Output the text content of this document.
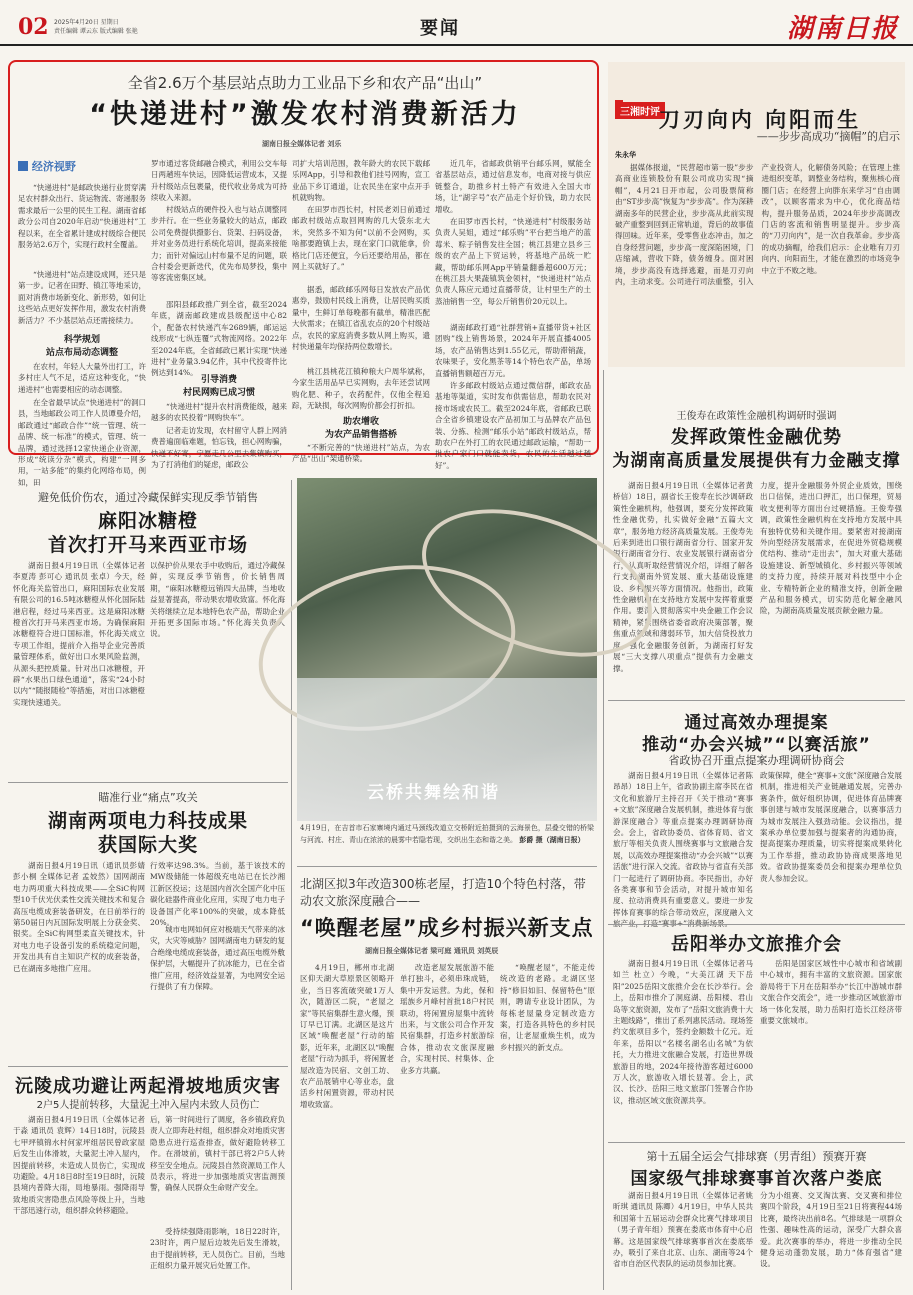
02 2025年4月20日 星期日
责任编辑 谭云东 版式编辑 张艳	要闻	湖南日报
全省2.6万个基层站点助力工业品下乡和农产品“出山”
“快递进村”激发农村消费新活力
湖南日报全媒体记者 刘乐
经济视野
“快递进村”是邮政快递行业贯穿满足农村群众出行、货运物流、寄递服务需求最后一公里的民生工程。湖南省邮政分公司自2020年启动“快递进村”工程以来，在全省累计建成村级综合便民服务站2.6万个，实现行政村全覆盖。
“快递进村”站点建设成网，还只是第一步。记者在田野、镇江等地采访，面对消费市场新变化、新形势，如何让这些站点更好发挥作用，激发农村消费新活力？不少基层站点还需接续力。
科学规划
站点布局动态调整
在农村，年轻人大量外出打工，许多村庄人气不足，适应这种变化，“快递进村”也需要相应的动态调整。
在全省最早试点“快递进村”的洞口县，当地邮政公司工作人员谭曼介绍，邮政通过“邮政合作”“统一管理、统一品牌、统一标准”的模式，管理、统一品牌，通过选择12家快递企业资源，形成“统读分杂”模式，构建“一网多用，一站多能”的集约化网络布局，例如，田
罗市通过客货邮融合模式，利用公交车每日两趟班车快运，因降低运营成本，又提升村级站点包裹量，使代收业务成为可持续收入来源。
村级站点的硬件投入也与站点调整同步并行。在一些业务量较大的站点，邮政公司免费提供摄影台、货架、扫码设备，并对业务员进行系统化培训，提高来接能力；而针对偏远山村布量不足的问题，联合村委会更新迭代，优先布局梦投，集中等客流密集区域。
邵阳县邮政推广到全省，截至2024年底，湖南邮政建成县级配送中心82个，配备农村快递汽车2689辆，邮运运线形成“七纵连覆”式物流网络。2022年至2024年底，全省邮政已累计实现“快递进村”业务量3.94亿件，其中代投寄件比例达到14%。
引导消费
村民网购已成习惯
“快递进村”提升农村消费能级，越来越多的农民投着“网购快车”。
记者走访发现，农村留守人群上网消费普遍面临难题，怕忘钱，担心网购骗，快递不好寄，宁愿走几公里去集镇购买，为了打消他们的疑虑，邮政公
司扩大培训范围，教年龄大的农民下载邮乐网App，引导和教他们挂号网购，宣工业品下乡订通道，让农民坐在家中点开手机就购物。
在田罗市西长村，村民老刘日前通过邮政村级站点取回网购的几大袋东北大米，突然多不知为何“以前不会网购，买啥都要跑镇上去，现在家门口就能拿，价格比门店还便宜，今后还要给用品，都在网上买就好了。”
据悉，邮政邮乐网每日发放农产品优惠券，鼓励村民线上消费，让居民购买质量中，生鲜订单每晚都有截单，精准匹配大伙需求；在镇江省乱农点的20个村级站点，农民的家庭消费多数从网上购买，遗村快递量年均保持两位数增长。
桃江县桃花江镇种粮大户周华斌称，今家生活用品早已实网购，去年还尝试网购化肥、种子，农药配件，仅他全程追踪，无缺损，每次网购价都会打折扣。
助农增收
为农产品销售搭桥
“不断完善的“快递进村”站点，为农产品“出山”架通桥梁。
近几年，省邮政供销平台邮乐网，赋能全省基层站点，通过信息发布，电商对接与供应链整合，助推乡村土特产有效进入全国大市场，让“湖字号”农产品走个好价钱，助力农民增收。
在田罗市西长村，“快递进村”村级服务站负责人吴姐，通过“邮乐购”平台把当地产的蓝莓米、粽子销售发往全国；桃江县建立县乡三级的农产品上下贸运转，将基地产品统一贮藏，帮助邮乐网App平销量翻番超600万元；在桃江县大果蔬镇筑金领村，“快递进村”站点负责人陈应元通过直播带货，让村里生产的土蒸油销售一空，每公斤销售价20元以上。
湖南邮政打通“社群营销+直播带货+社区团购”线上销售场景，2024年开展直播4005场，农产品销售达到1.55亿元，帮助滞销蔬，农味果子，安化黑茶等14个特色农产品，单场直播销售额超百万元。
许多邮政村级站点通过微信群，邮政农品基地等渠道，实时发布供需信息，帮助农民对接市场或农民工。截至2024年底，省邮政已联合全省乡镇建设农产品初加工与品牌农产品包装、分拣、检测“邮乐小站”邮政村级站点，帮助农户在外打工的农民通过邮政运输，“帮助一批农户家门口就能卖货，农民的生活越过越好”。
三湘时评
刀刃向内 向阳而生
——步步高成功“摘帽”的启示
朱永华
据媒体报道，“民营超市第一股”步步高商业连锁股份有限公司成功实现“摘帽”，4月21日开市起，公司股票简称由“ST步步高”恢复为“步步高”。作为深耕湖南多年的民营企业，步步高从此前实现破产重整到回到正常轨道，背后的故事值得回味。近年来，受零售业态冲击，加之自身经营问题，步步高一度深陷困境，门店缩减，营收下降，债务缠身。面对困境，步步高没有选择逃避，而是刀刃向内，主动求变。公司进行司法重整，引入产业投资人，化解债务风险；在管理上推进组织变革，调整业务结构，聚焦核心商圈门店；在经营上向胖东来学习“自由调改”，以顾客需求为中心，优化商品结构，提升服务品质，2024年步步高调改门店的客流和销售明显提升。步步高的“刀刃向内”，是一次自我革命。步步高的成功摘帽，给我们启示：企业唯有刀刃向内、向阳而生，才能在激烈的市场竞争中立于不败之地。
王俊寿在政策性金融机构调研时强调
发挥政策性金融优势
为湖南高质量发展提供有力金融支撑
湖南日报4月19日讯（全媒体记者黄桥信）18日，副省长王俊寿在长沙调研政策性金融机构，他强调，要充分发挥政策性金融优势，扎实做好金融“五篇大文章”，服务地方经济高质量发展。王俊寿先后来到进出口银行湖南省分行、国家开发银行湖南省分行、农业发展银行湖南省分行，认真听取经营情况介绍，详细了解各行支持湖南外贸发展、重大基础设施建设、乡村振兴等方面情况。他指出，政策性金融机构在支持地方发展中发挥着重要作用。要深入贯彻落实中央金融工作会议精神，紧紧围绕省委省政府决策部署，聚焦重点领域和薄弱环节，加大信贷投放力度，强化金融服务创新，为湖南打好发展“三大支撑八项重点”提供有力金融支撑。
力度，提升金融服务外贸企业质效，围绕出口信保，进出口押汇，出口保理，贸易收支便利等方面出台过硬措施。王俊寿强调，政策性金融机构在支持地方发展中具有独特优势和关键作用。要紧密对接湖南外向型经济发展需求，在促进外贸稳规模优结构、推动“走出去”，加大对重大基础设施建设、新型城镇化、乡村振兴等领域的支持力度，持续开展对科技型中小企业、专精特新企业的精准支持，创新金融产品和服务模式，切实防范化解金融风险，为湖南高质量发展贡献金融力量。
通过高效办理提案
推动“办会兴城”“以赛活旅”
省政协召开重点提案办理调研协商会
湖南日报4月19日讯（全媒体记者陈昂昂）18日上午，省政协副主席李民在省文化和旅游厅主持召开《关于推动“赛事+文旅”深度融合发展机制，推进体育与旅游深度融合》等重点提案办理调研协商会。会上，省政协委员、省体育局、省文旅厅等相关负责人围绕赛事与文旅融合发展，以高效办理提案推动“办会兴城”“以赛活旅”进行深入交流。省政协与省直有关部门一起进行了调研协商。李民指出，办好各类赛事和节会活动，对提升城市知名度、拉动消费具有重要意义。要进一步发挥体育赛事的综合带动效应，深度融入文
政策保障，健全“赛事+文旅”深度融合发展机制，推进相关产业链融通发展，完善办赛条件，做好组织协调，促进体育品牌赛事创建与城市发展深度融合，以赛事活力为城市发展注入强劲动能。会议指出，提案承办单位要加强与提案者的沟通协商，提高提案办理质量，切实将提案成果转化为工作举措，推动政协协商成果落地见效。省政协提案委员会和提案办理单位负责人参加会议。
岳阳举办文旅推介会
湖南日报4月19日讯（全媒体记者马如兰 杜立）今晚，“大美江湖 天下岳阳”2025岳阳文旅推介会在长沙举行。会上，岳阳市推介了洞庭湖、岳阳楼、君山岛等文旅资源，发布了“岳阳文旅消费十大主题线路”，推出了系列惠民活动。现场签约文旅项目多个，签约金额数十亿元。近年来，岳阳以“名楼名湖名山名城”为依托，大力推进文旅融合发展，打造世界级旅游目的地，2024年接待游客超过6000万人次，旅游收入增长显著。会上，武汉、长沙、岳阳三地文旅部门签署合作协议，推动区域文旅资源共享。
岳阳是国家区域性中心城市和省域副中心城市，拥有丰富的文旅资源。国家旅游局将于下月在岳阳举办“长江中游城市群文旅合作交流会”，进一步推动区域旅游市场一体化发展，助力岳阳打造长江经济带重要文旅城市。
第十五届全运会气排球赛（男青组）预赛开赛
国家级气排球赛事首次落户娄底
湖南日报4月19日讯（全媒体记者姚昕琪 通讯员 陈卿）4月19日，中华人民共和国第十五届运动会群众比赛气排球项目（男子青年组）预赛在娄底市体育中心启幕。这是国家级气排球赛事首次在娄底举办，吸引了来自北京、山东、湖南等24个省市自治区代表队的运动员参加比赛。
分为小组赛、交叉淘汰赛、交叉赛和排位赛四个阶段，4月19日至21日将赛程44场比赛，最终决出前8名。气排球是一项群众性强、趣味性高的运动，深受广大群众喜爱。此次赛事的举办，将进一步推动全民健身运动蓬勃发展，助力“体育强省”建设。
避免低价伤农，通过冷藏保鲜实现反季节销售
麻阳冰糖橙
首次打开马来西亚市场
湖南日报4月19日讯（全媒体记者 李夏涛 彭可心 通讯员 张卓）今天，经怀化海关监管出口，麻阳国际农业发展有限公司的16.5吨冰糖橙从怀化国际陆港启程，经过马来西亚。这是麻阳冰糖橙首次打开马来西亚市场。为确保麻阳冰糖橙符合进口国标准，怀化海关成立专项工作组，提前介入指导企业完善质量管理体系，做好出口水果风险监测，从源头把控质量。针对出口冰糖橙，开辟“水果出口绿色通道”，落实“24小时以内”“随报随检”等措施，对出口冰糖橙实现快速通关。
以保护价从果农手中收购后，通过冷藏保鲜，实现反季节销售，价长销售周期，“麻阳冰糖橙远销四大品牌，当地收益显著提高，带动果农增收致富。怀化海关将继续立足本地特色农产品，帮助企业开拓更多国际市场。”怀化海关负责人说。
瞄准行业“痛点”攻关
湖南两项电力科技成果
获国际大奖
湖南日报4月19日讯（通讯员彭婧 彭小桐 全媒体记者 孟姣然）国网湖南电力两项重大科技成果——全SiC构网型10千伏光伏柔性交流关键技术和复合高压电缆成套装备研发，在日前举行的第50届日内瓦国际发明展上分获金奖、银奖。全SiC构网型柔直关键技术，针对电力电子设备引发的系统稳定问题，开发出具有自主知识产权的成套装备，已在湖南多地推广应用。
行效率达98.3%。当前，基于该技术的MW级储能一体超级充电站已在长沙湘江新区投运；这是国内首次全国产化中压碳化硅器件商业化应用，实现了电力电子设备国产化率100%的突破，成本降低20%。
城市电网如何应对极端天气带来的冰灾，大灾等威胁？国网湖南电力研发的复合绝缘电缆成套装备，通过高压电缆外敷保护层，大幅提升了抗冰能力，已在全省推广应用，经济效益显著，为电网安全运行提供了有力保障。
沅陵成功避让两起滑坡地质灾害
2户5人提前转移，大量泥土冲入屋内未致人员伤亡
湖南日报4月19日讯（全媒体记者 于淼 通讯员 袁辉）14日18时，沅陵县七甲坪镇锦水村何家坪组居民曾政家屋后发生山体滑坡，大量泥土冲入屋内，因提前转移，未造成人员伤亡，实现成功避险。4月18日8时至19日8时，沅陵县境内普降大雨，局地暴雨。强降雨导致地质灾害隐患点风险等级上升，当地干部迅速行动，组织群众转移避险。
后，第一时间进行了调度，各乡镇政府负责人立即奔赴村组，组织群众对地质灾害隐患点进行巡查排查，做好避险转移工作。在滑坡前，镇村干部已将2户5人转移至安全地点。沅陵县自然资源局工作人员表示，将进一步加强地质灾害监测预警，确保人民群众生命财产安全。
受持续强降雨影响，18日22时许，23时许，两户屋后边坡先后发生滑坡，由于提前转移，无人员伤亡。目前，当地正组织力量开展灾后处置工作。
云桥共舞绘和谐
4月19日，在吉首市石家寨境内通过马颈线改道立交桥附近拍摄到的云海景色，层叠交错的桥梁与河流、村庄、青山在浓浓的晨雾中若隐若现，交织出生态和谐之美。 彭爵 摄（湖南日报）
北湖区拟3年改造300栋老屋，打造10个特色村落，带动农文旅深度融合——
“唤醒老屋”成乡村振兴新支点
湖南日报全媒体记者 梁可庭 通讯员 刘英辰
4月19日，郴州市北湖区仰天湖大草原景区领略开业，当日客流破突破1万人次，随游区二院，“老屋之家”等民宿集群生意火爆，预订早已订满。北湖区是这片区域“唤醒老屋”行动的缩影，近年来，北湖区以“唤醒老屋”行动为抓手，将闲置老屋改造为民宿、文创工坊、农产品展销中心等业态，盘活乡村闲置资源，带动村民增收致富。
改造老屋发展旅游不能单打独斗，必须串珠成链，集中开发运营。为此，保和瑶族乡月峰村首批18户村民联动，将闲置房屋集中流转出来，与文旅公司合作开发民宿集群，打造乡村旅游综合体，推动农文旅深度融合，实现村民、村集体、企业多方共赢。
“唤醒老屋”，不能走传统改造的老路。北湖区坚持“修旧如旧、保留特色”原则，聘请专业设计团队，为每栋老屋量身定制改造方案，打造各具特色的乡村民宿，让老屋重焕生机，成为乡村振兴的新支点。
